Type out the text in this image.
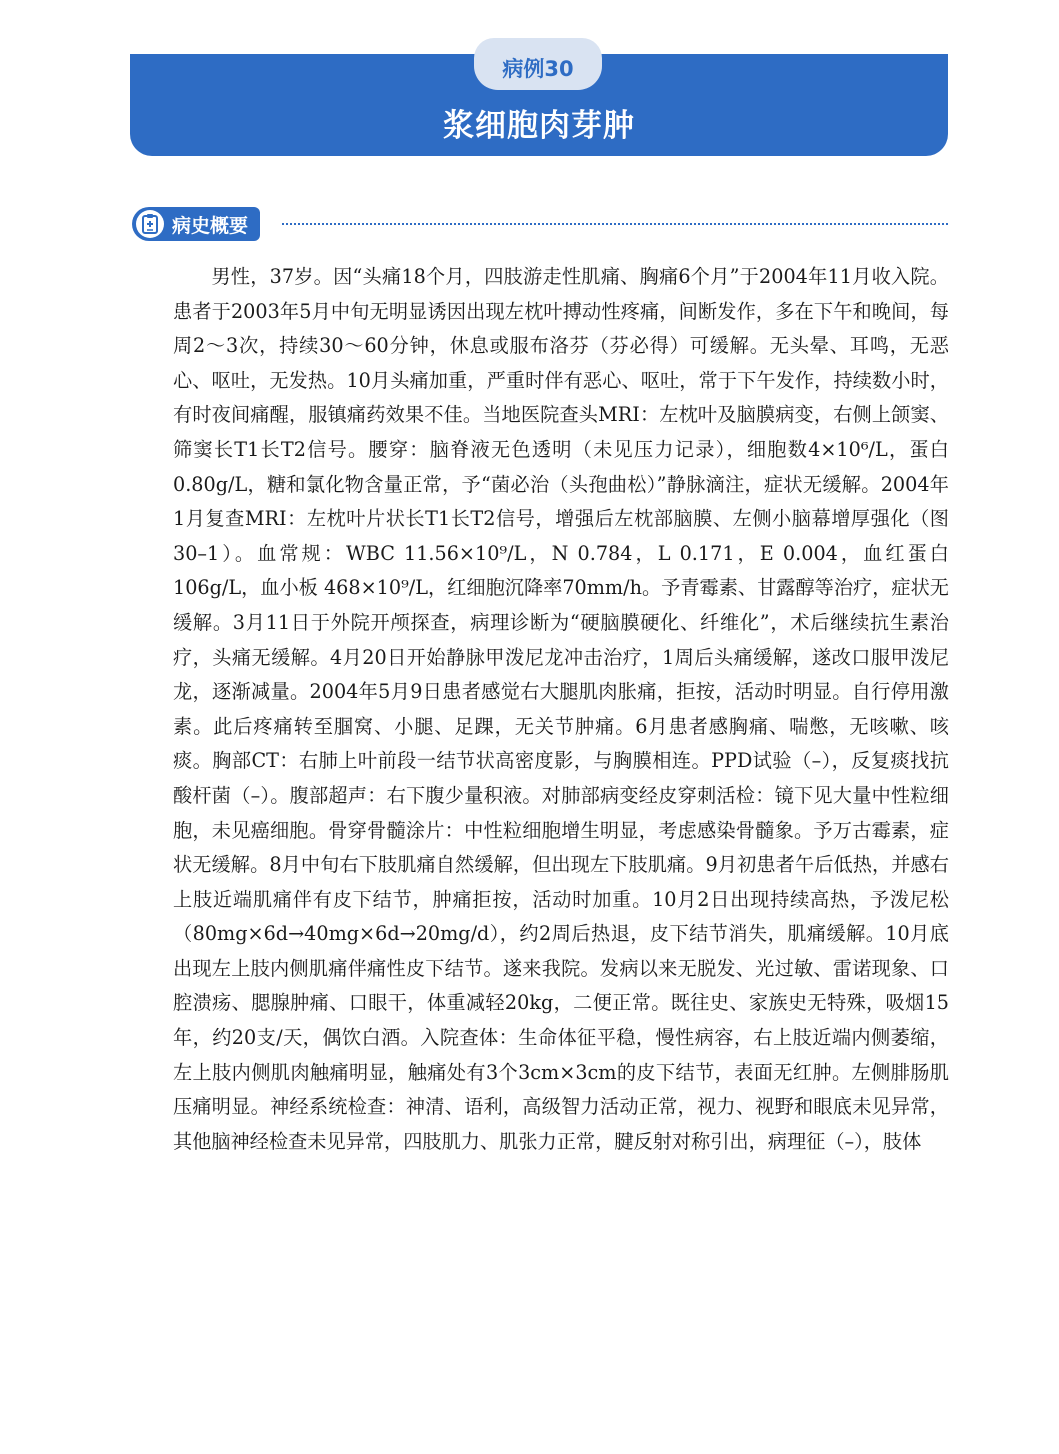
病例30
浆细胞肉芽肿
病史概要

男性，37岁。因“头痛18个月，四肢游走性肌痛、胸痛6个月”于2004年11月收入院。患者于2003年5月中旬无明显诱因出现左枕叶搏动性疼痛，间断发作，多在下午和晚间，每周2～3次，持续30～60分钟，休息或服布洛芬（芬必得）可缓解。无头晕、耳鸣，无恶心、呕吐，无发热。10月头痛加重，严重时伴有恶心、呕吐，常于下午发作，持续数小时，有时夜间痛醒，服镇痛药效果不佳。当地医院查头MRI：左枕叶及脑膜病变，右侧上颌窦、筛窦长T1长T2信号。腰穿：脑脊液无色透明（未见压力记录），细胞数4×10⁶/L，蛋白0.80g/L，糖和氯化物含量正常，予“菌必治（头孢曲松）”静脉滴注，症状无缓解。2004年1月复查MRI：左枕叶片状长T1长T2信号，增强后左枕部脑膜、左侧小脑幕增厚强化（图30–1）。血常规：WBC 11.56×10⁹/L，N 0.784，L 0.171，E 0.004，血红蛋白 106g/L，血小板 468×10⁹/L，红细胞沉降率70mm/h。予青霉素、甘露醇等治疗，症状无缓解。3月11日于外院开颅探查，病理诊断为“硬脑膜硬化、纤维化”，术后继续抗生素治疗，头痛无缓解。4月20日开始静脉甲泼尼龙冲击治疗，1周后头痛缓解，遂改口服甲泼尼龙，逐渐减量。2004年5月9日患者感觉右大腿肌肉胀痛，拒按，活动时明显。自行停用激素。此后疼痛转至腘窝、小腿、足踝，无关节肿痛。6月患者感胸痛、喘憋，无咳嗽、咳痰。胸部CT：右肺上叶前段一结节状高密度影，与胸膜相连。PPD试验（–），反复痰找抗酸杆菌（–）。腹部超声：右下腹少量积液。对肺部病变经皮穿刺活检：镜下见大量中性粒细胞，未见癌细胞。骨穿骨髓涂片：中性粒细胞增生明显，考虑感染骨髓象。予万古霉素，症状无缓解。8月中旬右下肢肌痛自然缓解，但出现左下肢肌痛。9月初患者午后低热，并感右上肢近端肌痛伴有皮下结节，肿痛拒按，活动时加重。10月2日出现持续高热，予泼尼松（80mg×6d→40mg×6d→20mg/d），约2周后热退，皮下结节消失，肌痛缓解。10月底出现左上肢内侧肌痛伴痛性皮下结节。遂来我院。发病以来无脱发、光过敏、雷诺现象、口腔溃疡、腮腺肿痛、口眼干，体重减轻20kg，二便正常。既往史、家族史无特殊，吸烟15年，约20支/天，偶饮白酒。入院查体：生命体征平稳，慢性病容，右上肢近端内侧萎缩，左上肢内侧肌肉触痛明显，触痛处有3个3cm×3cm的皮下结节，表面无红肿。左侧腓肠肌压痛明显。神经系统检查：神清、语利，高级智力活动正常，视力、视野和眼底未见异常，其他脑神经检查未见异常，四肢肌力、肌张力正常，腱反射对称引出，病理征（–），肢体
